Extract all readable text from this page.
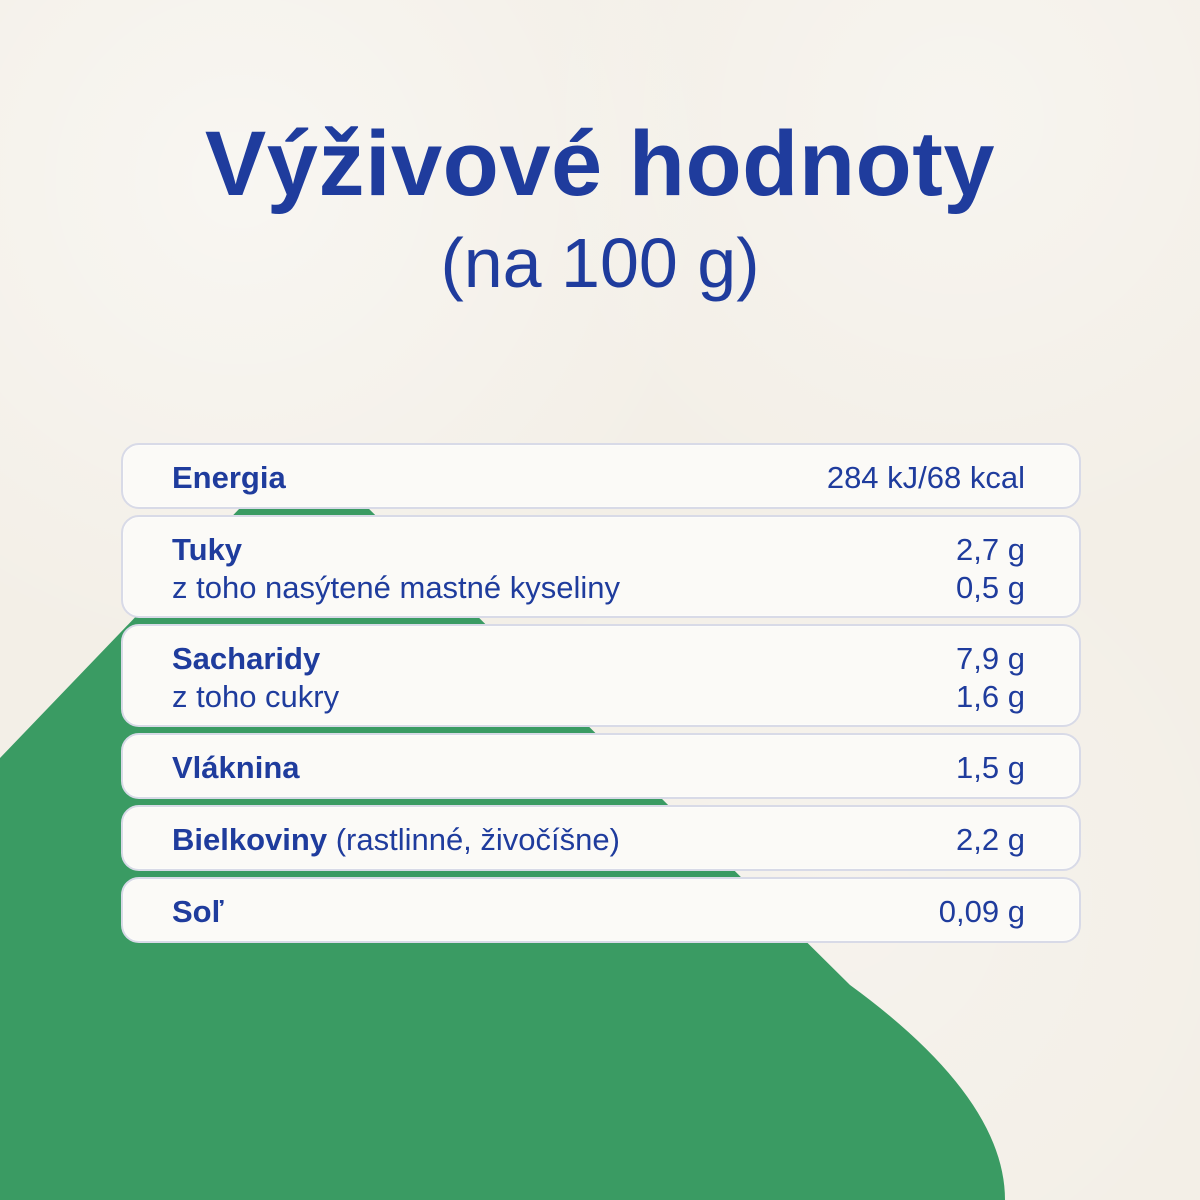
Výživové hodnoty
(na 100 g)
Energia	284 kJ/68 kcal
Tuky	2,7 g
z toho nasýtené mastné kyseliny	0,5 g
Sacharidy	7,9 g
z toho cukry	1,6 g
Vláknina	1,5 g
Bielkoviny (rastlinné, živočíšne)	2,2 g
Soľ	0,09 g
